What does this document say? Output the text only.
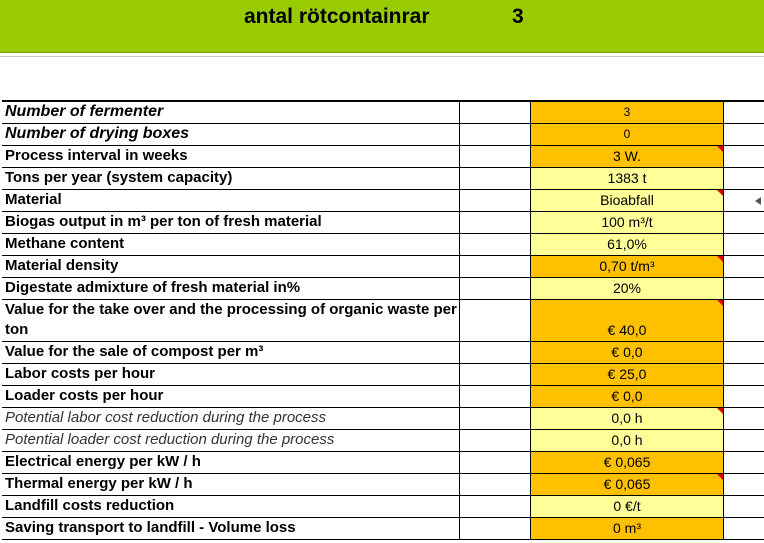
antal rötcontainrar	3
Number of fermenter	3
Number of drying boxes	0
Process interval in weeks	3 W.
Tons per year (system capacity)	1383 t
Material	Bioabfall
Biogas output in m³ per ton of fresh material	100 m³/t
Methane content	61,0%
Material density	0,70 t/m³
Digestate admixture of fresh material in%	20%
Value for the take over and the processing of organic waste per ton	€ 40,0
Value for the sale of compost per m³	€ 0,0
Labor costs per hour	€ 25,0
Loader costs per hour	€ 0,0
Potential labor cost reduction during the process	0,0 h
Potential loader cost reduction during the process	0,0 h
Electrical energy per kW / h	€ 0,065
Thermal energy per kW / h	€ 0,065
Landfill costs reduction	0 €/t
Saving transport to landfill - Volume loss	0 m³
